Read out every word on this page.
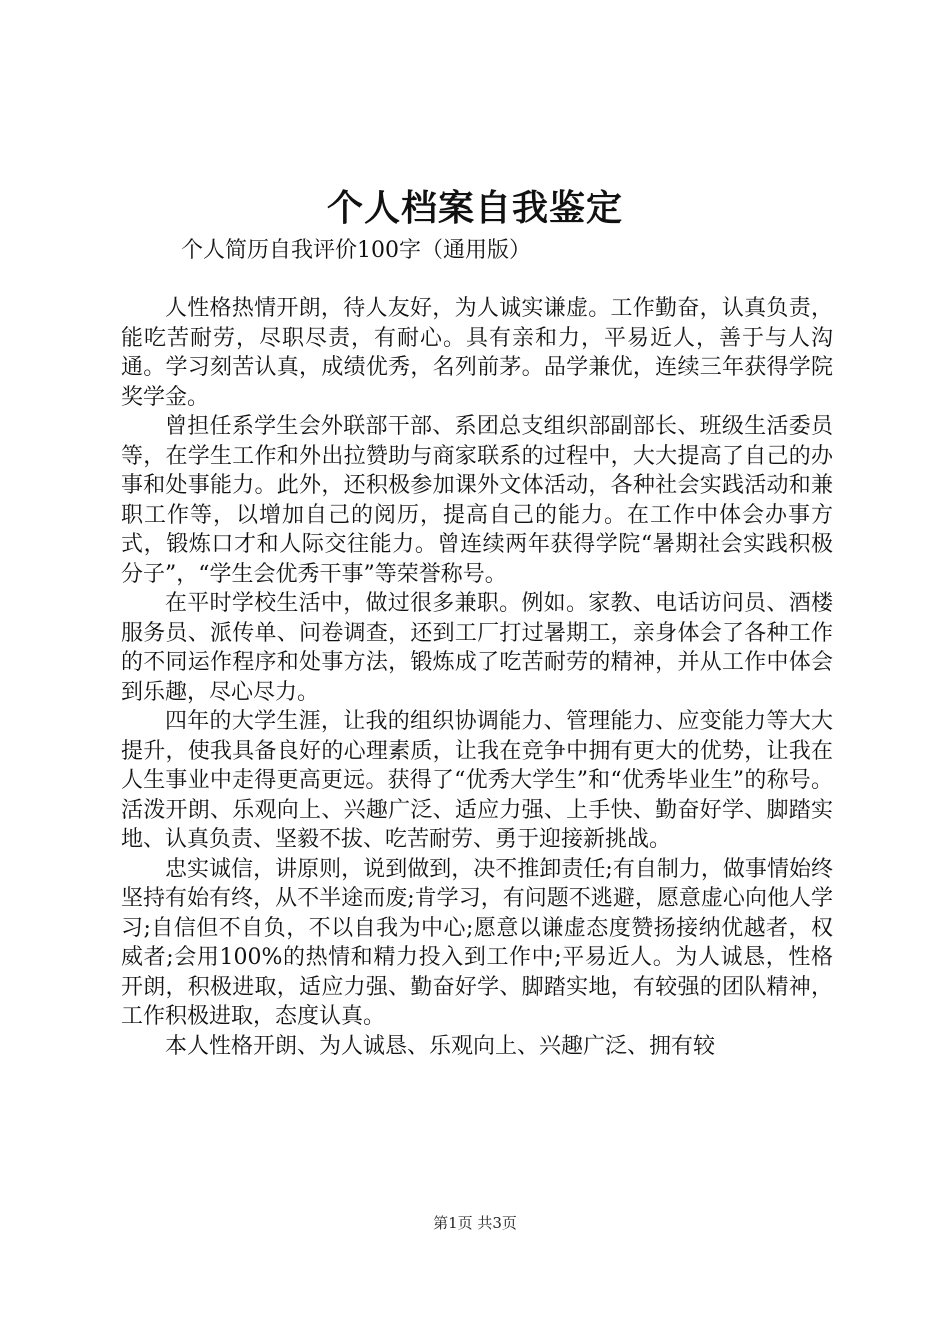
个人档案自我鉴定
个人简历自我评价100字（通用版）

人性格热情开朗，待人友好，为人诚实谦虚。工作勤奋，认真负责，能吃苦耐劳，尽职尽责，有耐心。具有亲和力，平易近人，善于与人沟通。学习刻苦认真，成绩优秀，名列前茅。品学兼优，连续三年获得学院奖学金。

曾担任系学生会外联部干部、系团总支组织部副部长、班级生活委员等，在学生工作和外出拉赞助与商家联系的过程中，大大提高了自己的办事和处事能力。此外，还积极参加课外文体活动，各种社会实践活动和兼职工作等，以增加自己的阅历，提高自己的能力。在工作中体会办事方式，锻炼口才和人际交往能力。曾连续两年获得学院“暑期社会实践积极分子”，“学生会优秀干事”等荣誉称号。

在平时学校生活中，做过很多兼职。例如。家教、电话访问员、酒楼服务员、派传单、问卷调查，还到工厂打过暑期工，亲身体会了各种工作的不同运作程序和处事方法，锻炼成了吃苦耐劳的精神，并从工作中体会到乐趣，尽心尽力。

四年的大学生涯，让我的组织协调能力、管理能力、应变能力等大大提升，使我具备良好的心理素质，让我在竞争中拥有更大的优势，让我在人生事业中走得更高更远。获得了“优秀大学生”和“优秀毕业生”的称号。活泼开朗、乐观向上、兴趣广泛、适应力强、上手快、勤奋好学、脚踏实地、认真负责、坚毅不拔、吃苦耐劳、勇于迎接新挑战。

忠实诚信，讲原则，说到做到，决不推卸责任;有自制力，做事情始终坚持有始有终，从不半途而废;肯学习，有问题不逃避，愿意虚心向他人学习;自信但不自负，不以自我为中心;愿意以谦虚态度赞扬接纳优越者，权威者;会用100%的热情和精力投入到工作中;平易近人。为人诚恳，性格开朗，积极进取，适应力强、勤奋好学、脚踏实地，有较强的团队精神，工作积极进取，态度认真。

本人性格开朗、为人诚恳、乐观向上、兴趣广泛、拥有较

第1页 共3页
